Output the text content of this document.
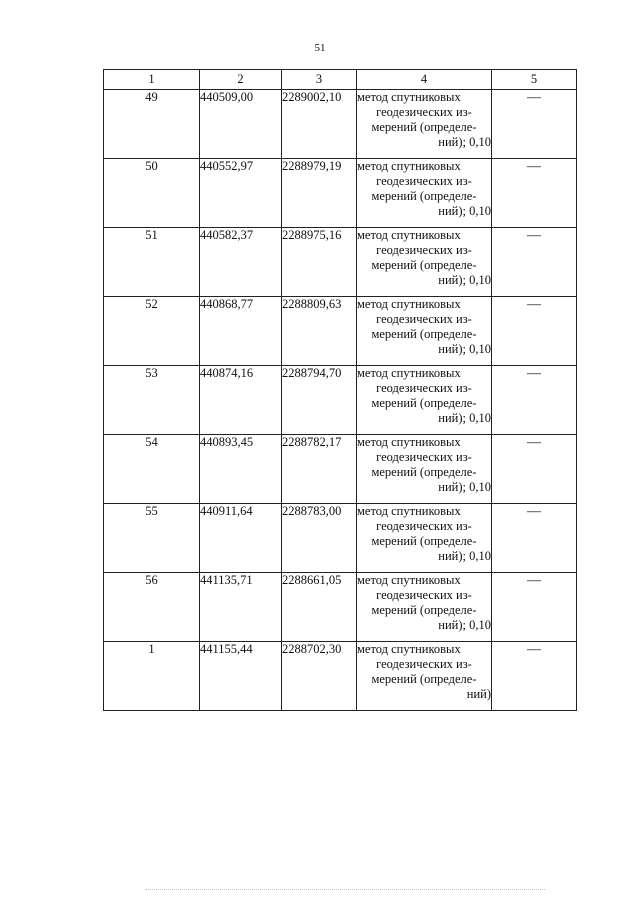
51
1	2	3	4	5
49	440509,00	2289002,10	метод спутниковых
геодезических из-
мерений (определе-
ний); 0,10	—
50	440552,97	2288979,19	метод спутниковых
геодезических из-
мерений (определе-
ний); 0,10	—
51	440582,37	2288975,16	метод спутниковых
геодезических из-
мерений (определе-
ний); 0,10	—
52	440868,77	2288809,63	метод спутниковых
геодезических из-
мерений (определе-
ний); 0,10	—
53	440874,16	2288794,70	метод спутниковых
геодезических из-
мерений (определе-
ний); 0,10	—
54	440893,45	2288782,17	метод спутниковых
геодезических из-
мерений (определе-
ний); 0,10	—
55	440911,64	2288783,00	метод спутниковых
геодезических из-
мерений (определе-
ний); 0,10	—
56	441135,71	2288661,05	метод спутниковых
геодезических из-
мерений (определе-
ний); 0,10	—
1	441155,44	2288702,30	метод спутниковых
геодезических из-
мерений (определе-
ний)	—
